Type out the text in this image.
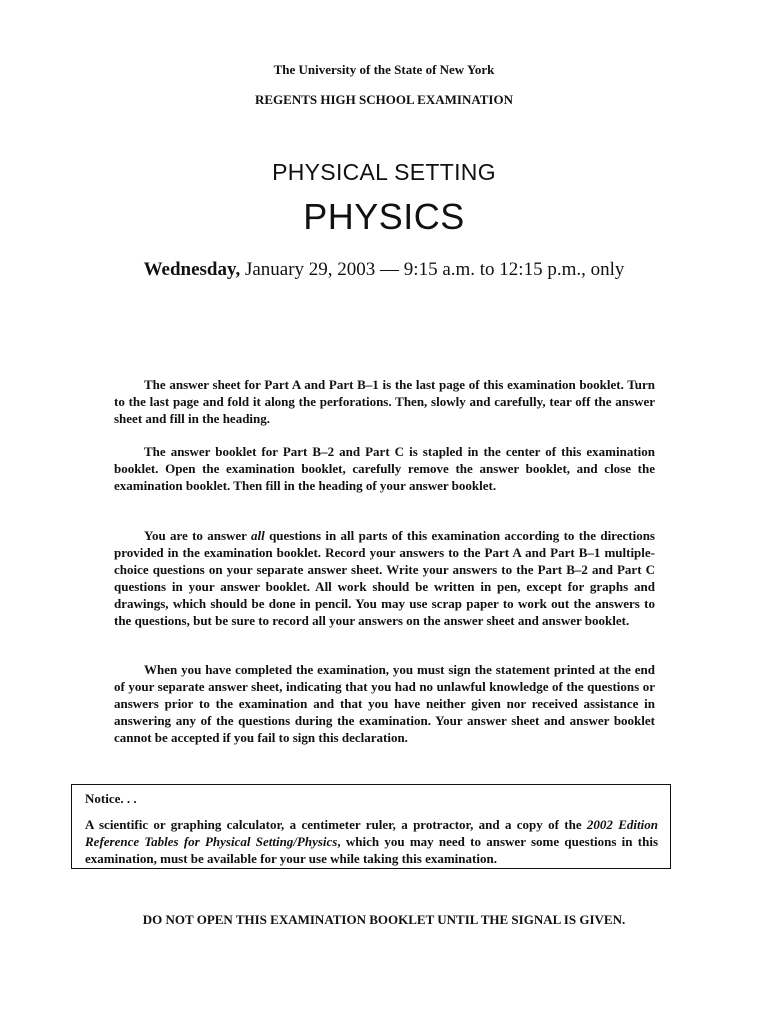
The University of the State of New York
REGENTS HIGH SCHOOL EXAMINATION
PHYSICAL SETTING
PHYSICS
Wednesday, January 29, 2003 — 9:15 a.m. to 12:15 p.m., only

The answer sheet for Part A and Part B–1 is the last page of this examination booklet. Turn to the last page and fold it along the perforations. Then, slowly and carefully, tear off the answer sheet and fill in the heading.

The answer booklet for Part B–2 and Part C is stapled in the center of this examination booklet. Open the examination booklet, carefully remove the answer booklet, and close the examination booklet. Then fill in the heading of your answer booklet.

You are to answer all questions in all parts of this examination according to the directions provided in the examination booklet. Record your answers to the Part A and Part B–1 multiple-choice questions on your separate answer sheet. Write your answers to the Part B–2 and Part C questions in your answer booklet. All work should be written in pen, except for graphs and drawings, which should be done in pencil. You may use scrap paper to work out the answers to the questions, but be sure to record all your answers on the answer sheet and answer booklet.

When you have completed the examination, you must sign the statement printed at the end of your separate answer sheet, indicating that you had no unlawful knowledge of the questions or answers prior to the examination and that you have neither given nor received assistance in answering any of the questions during the examination. Your answer sheet and answer booklet cannot be accepted if you fail to sign this declaration.

Notice. . .

A scientific or graphing calculator, a centimeter ruler, a protractor, and a copy of the 2002 Edition Reference Tables for Physical Setting/Physics, which you may need to answer some questions in this examination, must be available for your use while taking this examination.

DO NOT OPEN THIS EXAMINATION BOOKLET UNTIL THE SIGNAL IS GIVEN.
